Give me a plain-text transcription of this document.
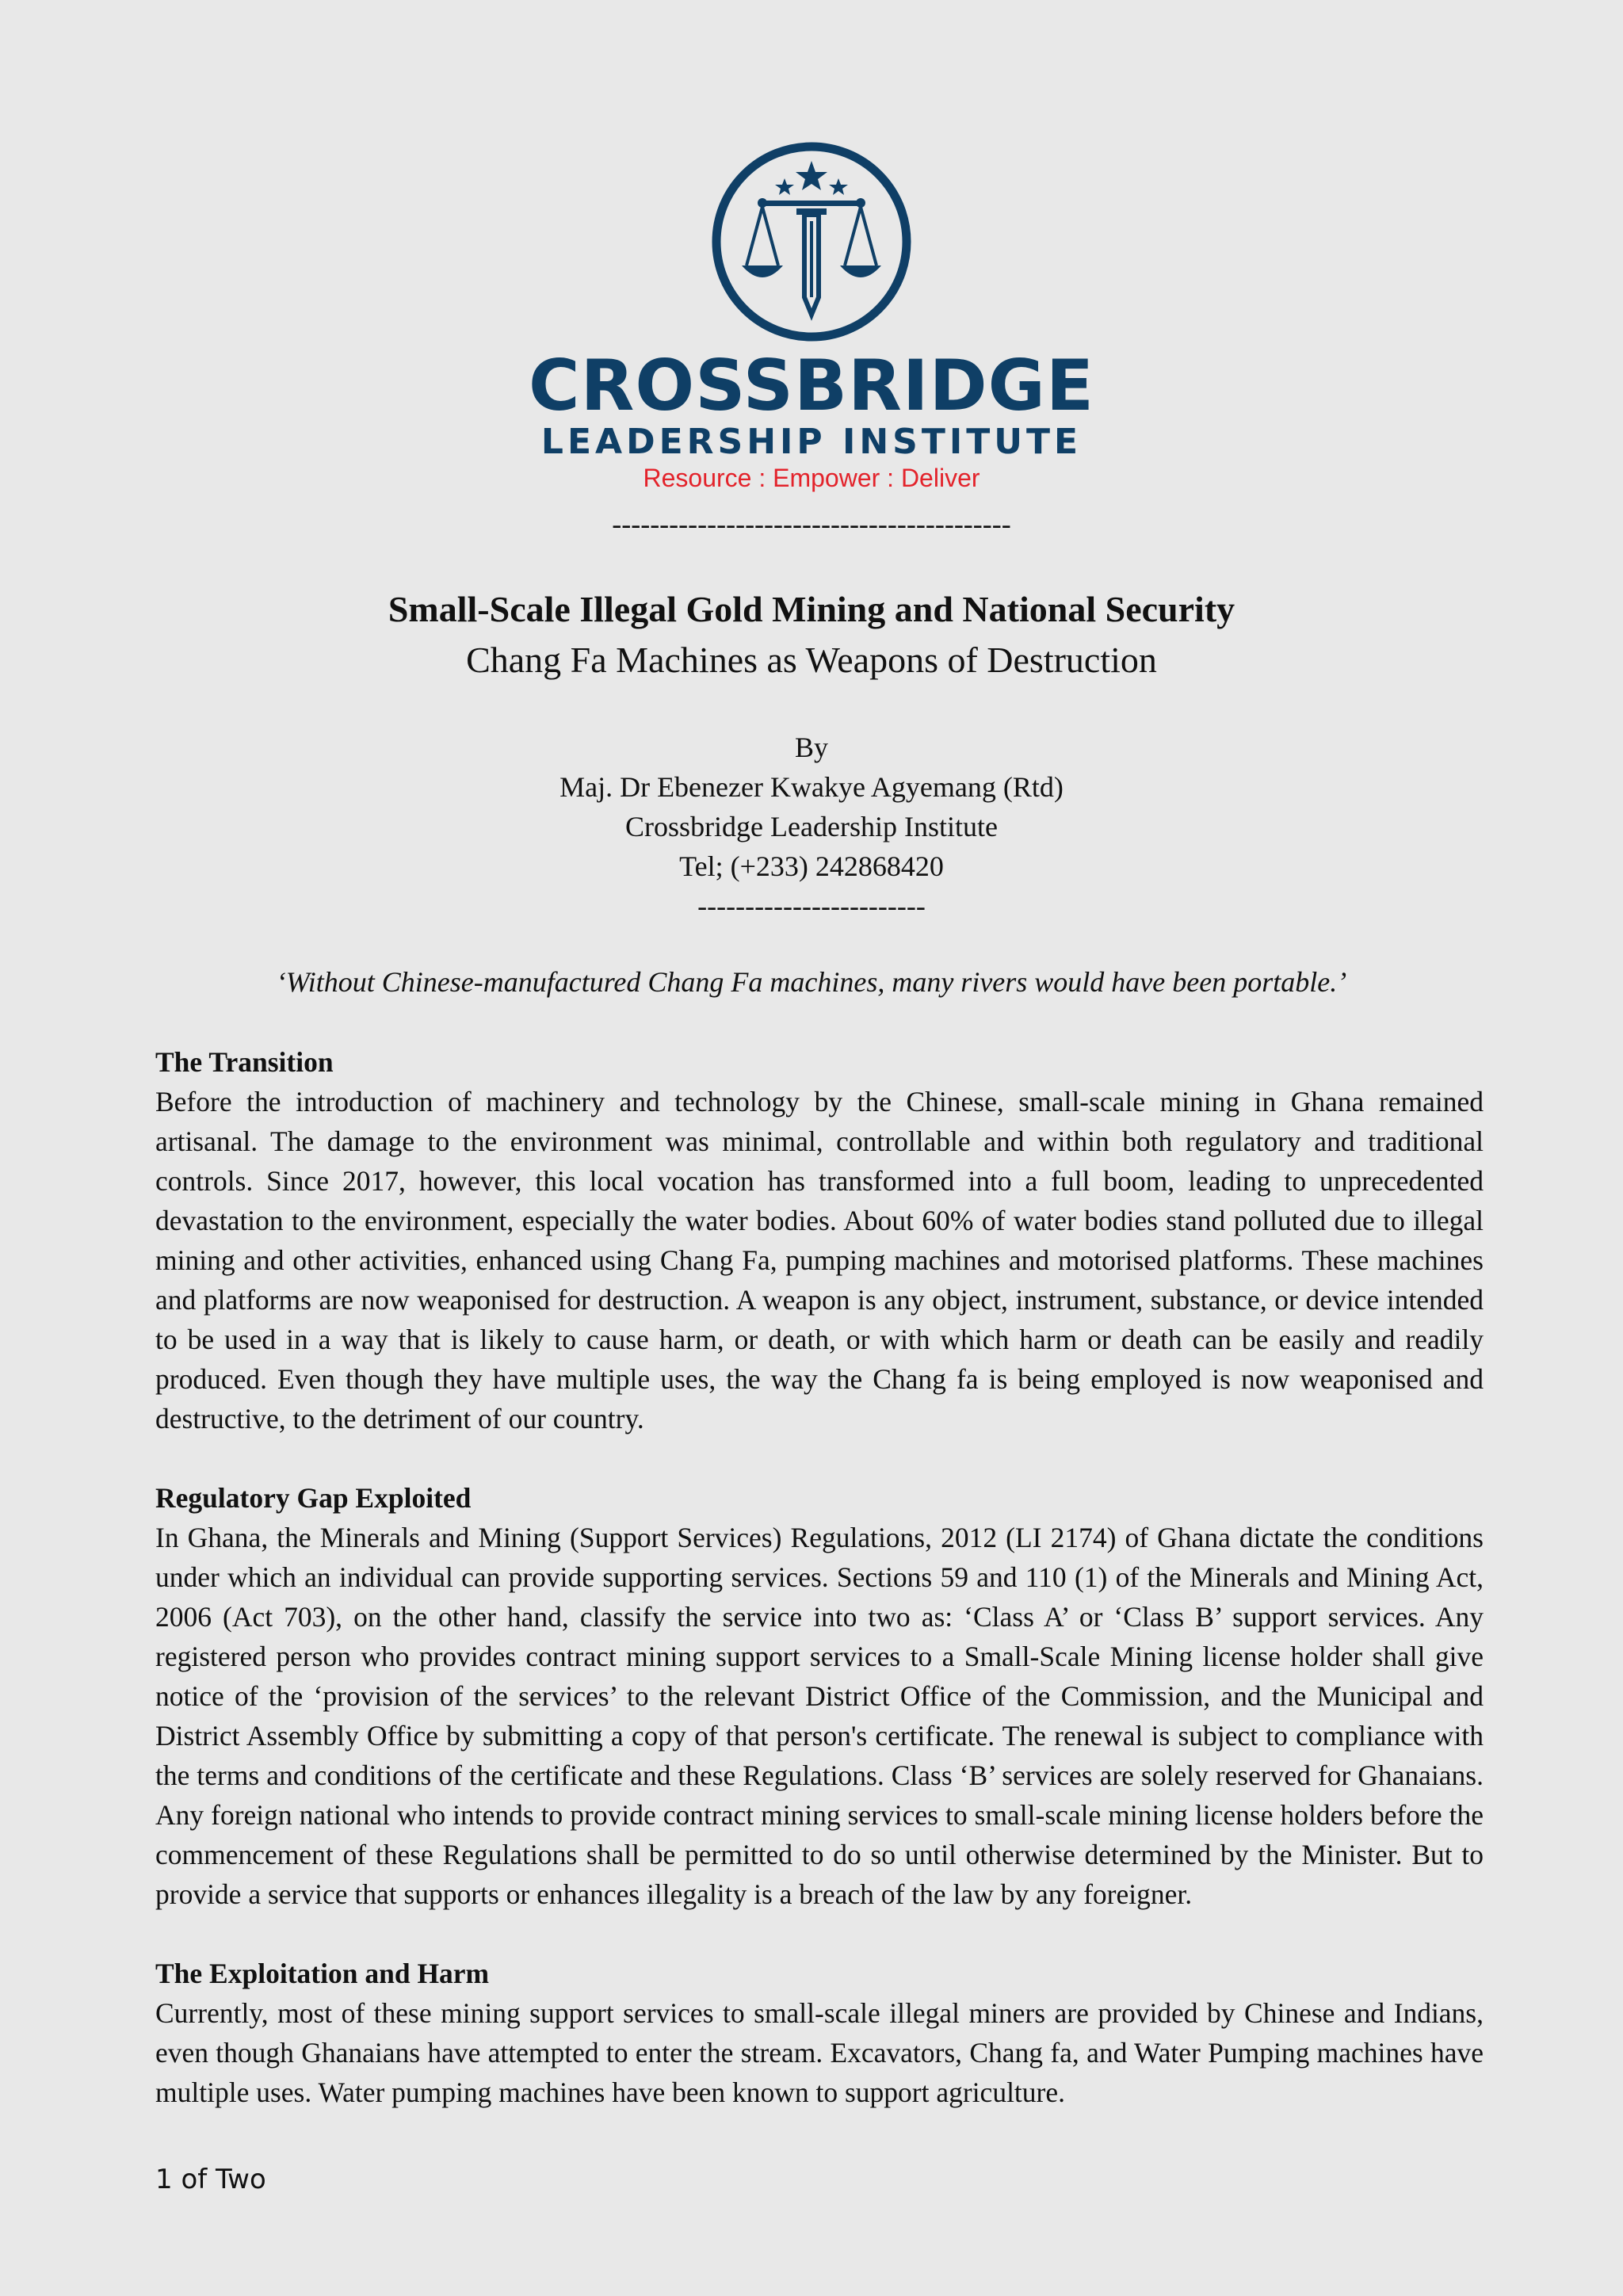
CROSSBRIDGE
LEADERSHIP INSTITUTE
Resource : Empower : Deliver
------------------------------------------
Small-Scale Illegal Gold Mining and National Security
Chang Fa Machines as Weapons of Destruction
By
Maj. Dr Ebenezer Kwakye Agyemang (Rtd)
Crossbridge Leadership Institute
Tel; (+233) 242868420
------------------------
‘Without Chinese-manufactured Chang Fa machines, many rivers would have been portable.’
The Transition

Before the introduction of machinery and technology by the Chinese, small-scale mining in Ghana remained artisanal. The damage to the environment was minimal, controllable and within both regulatory and traditional controls. Since 2017, however, this local vocation has transformed into a full boom, leading to unprecedented devastation to the environment, especially the water bodies. About 60% of water bodies stand polluted due to illegal mining and other activities, enhanced using Chang Fa, pumping machines and motorised platforms. These machines and platforms are now weaponised for destruction. A weapon is any object, instrument, substance, or device intended to be used in a way that is likely to cause harm, or death, or with which harm or death can be easily and readily produced. Even though they have multiple uses, the way the Chang fa is being employed is now weaponised and destructive, to the detriment of our country.

Regulatory Gap Exploited

In Ghana, the Minerals and Mining (Support Services) Regulations, 2012 (LI 2174) of Ghana dictate the conditions under which an individual can provide supporting services. Sections 59 and 110 (1) of the Minerals and Mining Act, 2006 (Act 703), on the other hand, classify the service into two as: ‘Class A’ or ‘Class B’ support services. Any registered person who provides contract mining support services to a Small-Scale Mining license holder shall give notice of the ‘provision of the services’ to the relevant District Office of the Commission, and the Municipal and District Assembly Office by submitting a copy of that person's certificate. The renewal is subject to compliance with the terms and conditions of the certificate and these Regulations. Class ‘B’ services are solely reserved for Ghanaians. Any foreign national who intends to provide contract mining services to small-scale mining license holders before the commencement of these Regulations shall be permitted to do so until otherwise determined by the Minister. But to provide a service that supports or enhances illegality is a breach of the law by any foreigner.

The Exploitation and Harm

Currently, most of these mining support services to small-scale illegal miners are provided by Chinese and Indians, even though Ghanaians have attempted to enter the stream. Excavators, Chang fa, and Water Pumping machines have multiple uses. Water pumping machines have been known to support agriculture.

1 of Two
